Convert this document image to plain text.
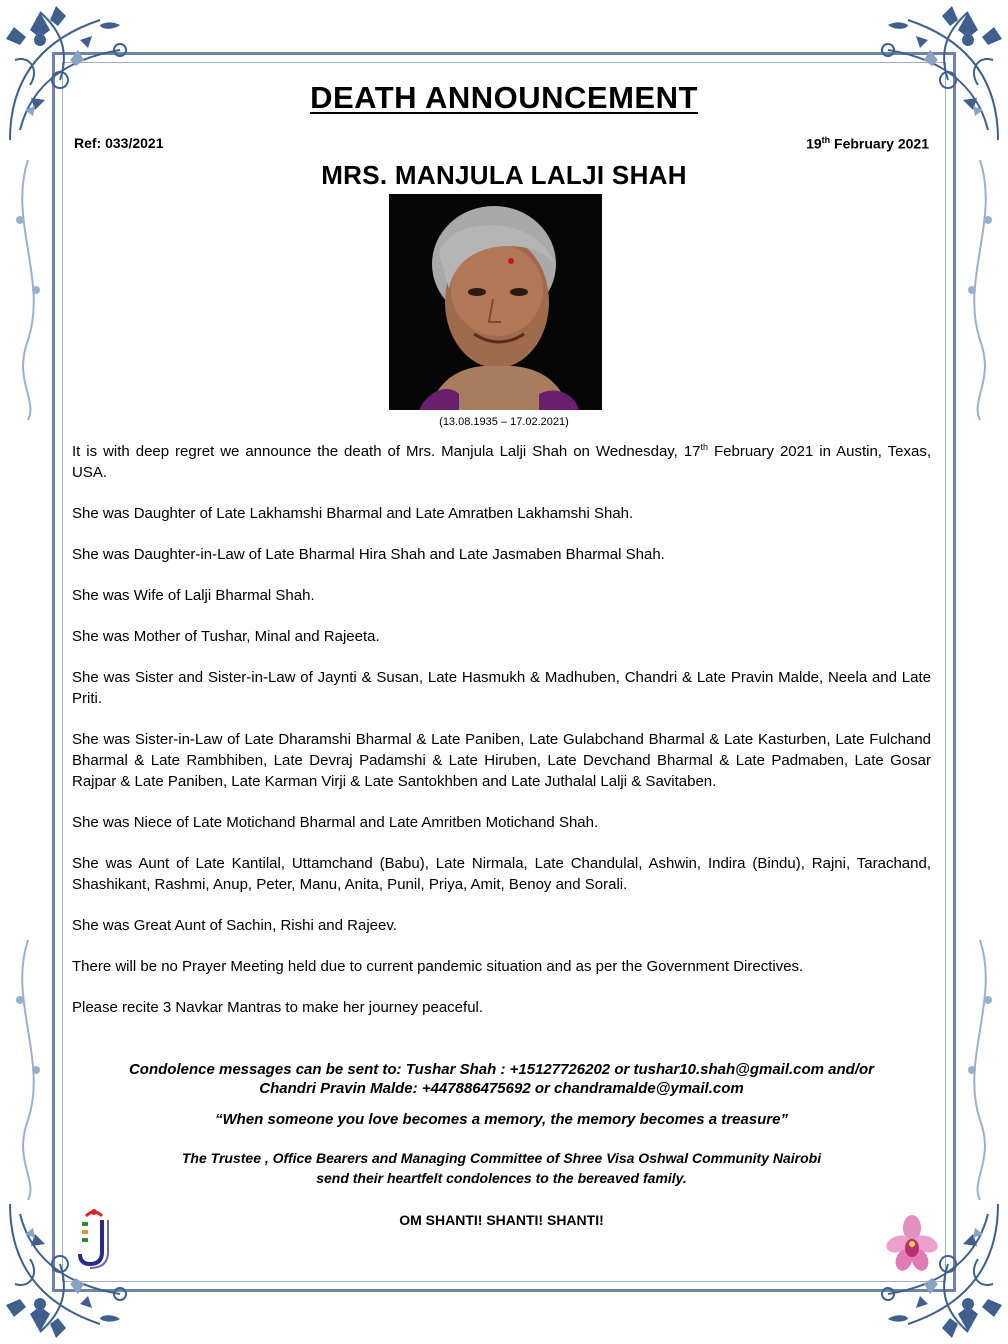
DEATH ANNOUNCEMENT
Ref: 033/2021	19th February 2021
MRS. MANJULA LALJI SHAH
(13.08.1935 – 17.02.2021)

It is with deep regret we announce the death of Mrs. Manjula Lalji Shah on Wednesday, 17th February 2021 in Austin, Texas, USA.

She was Daughter of Late Lakhamshi Bharmal and Late Amratben Lakhamshi Shah.

She was Daughter-in-Law of Late Bharmal Hira Shah and Late Jasmaben Bharmal Shah.

She was Wife of Lalji Bharmal Shah.

She was Mother of Tushar, Minal and Rajeeta.

She was Sister and Sister-in-Law of Jaynti & Susan, Late Hasmukh & Madhuben, Chandri & Late Pravin Malde, Neela and Late Priti.

She was Sister-in-Law of Late Dharamshi Bharmal & Late Paniben, Late Gulabchand Bharmal & Late Kasturben, Late Fulchand Bharmal & Late Rambhiben, Late Devraj Padamshi & Late Hiruben, Late Devchand Bharmal & Late Padmaben, Late Gosar Rajpar & Late Paniben, Late Karman Virji & Late Santokhben and Late Juthalal Lalji & Savitaben.

She was Niece of Late Motichand Bharmal and Late Amritben Motichand Shah.

She was Aunt of Late Kantilal, Uttamchand (Babu), Late Nirmala, Late Chandulal, Ashwin, Indira (Bindu), Rajni, Tarachand, Shashikant, Rashmi, Anup, Peter, Manu, Anita, Punil, Priya, Amit, Benoy and Sorali.

She was Great Aunt of Sachin, Rishi and Rajeev.

There will be no Prayer Meeting held due to current pandemic situation and as per the Government Directives.

Please recite 3 Navkar Mantras to make her journey peaceful.

Condolence messages can be sent to: Tushar Shah : +15127726202 or tushar10.shah@gmail.com and/or
Chandri Pravin Malde: +447886475692 or chandramalde@ymail.com
“When someone you love becomes a memory, the memory becomes a treasure”
The Trustee , Office Bearers and Managing Committee of Shree Visa Oshwal Community Nairobi
send their heartfelt condolences to the bereaved family.
OM SHANTI! SHANTI! SHANTI!
